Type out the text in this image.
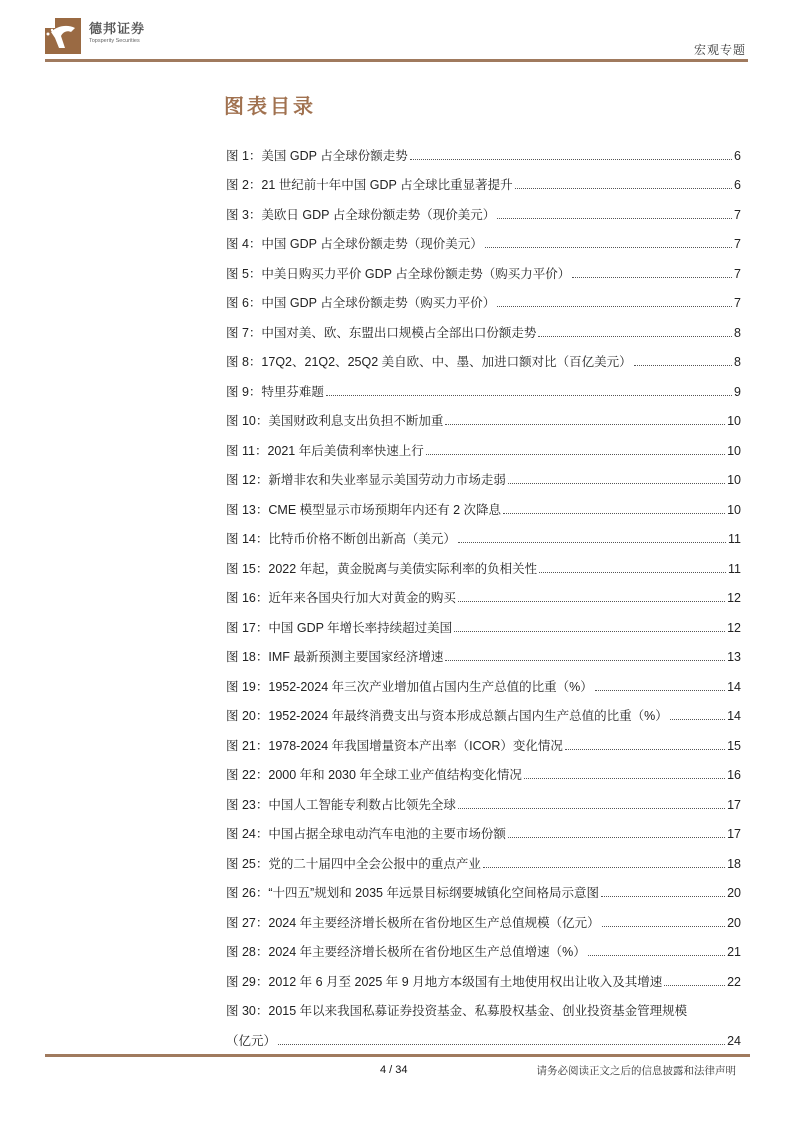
德邦证券
Topsperity Securities
宏观专题
图表目录
图 1：美国 GDP 占全球份额走势	6
图 2：21 世纪前十年中国 GDP 占全球比重显著提升	6
图 3：美欧日 GDP 占全球份额走势（现价美元）	7
图 4：中国 GDP 占全球份额走势（现价美元）	7
图 5：中美日购买力平价 GDP 占全球份额走势（购买力平价）	7
图 6：中国 GDP 占全球份额走势（购买力平价）	7
图 7：中国对美、欧、东盟出口规模占全部出口份额走势	8
图 8：17Q2、21Q2、25Q2 美自欧、中、墨、加进口额对比（百亿美元）	8
图 9：特里芬难题	9
图 10：美国财政利息支出负担不断加重	10
图 11：2021 年后美债利率快速上行	10
图 12：新增非农和失业率显示美国劳动力市场走弱	10
图 13：CME 模型显示市场预期年内还有 2 次降息	10
图 14：比特币价格不断创出新高（美元）	11
图 15：2022 年起，黄金脱离与美债实际利率的负相关性	11
图 16：近年来各国央行加大对黄金的购买	12
图 17：中国 GDP 年增长率持续超过美国	12
图 18：IMF 最新预测主要国家经济增速	13
图 19：1952-2024 年三次产业增加值占国内生产总值的比重（%）	14
图 20：1952-2024 年最终消费支出与资本形成总额占国内生产总值的比重（%）	14
图 21：1978-2024 年我国增量资本产出率（ICOR）变化情况	15
图 22：2000 年和 2030 年全球工业产值结构变化情况	16
图 23：中国人工智能专利数占比领先全球	17
图 24：中国占据全球电动汽车电池的主要市场份额	17
图 25：党的二十届四中全会公报中的重点产业	18
图 26：“十四五”规划和 2035 年远景目标纲要城镇化空间格局示意图	20
图 27：2024 年主要经济增长极所在省份地区生产总值规模（亿元）	20
图 28：2024 年主要经济增长极所在省份地区生产总值增速（%）	21
图 29：2012 年 6 月至 2025 年 9 月地方本级国有土地使用权出让收入及其增速	22
图 30：2015 年以来我国私募证券投资基金、私募股权基金、创业投资基金管理规模
（亿元）	24
4 / 34	请务必阅读正文之后的信息披露和法律声明
